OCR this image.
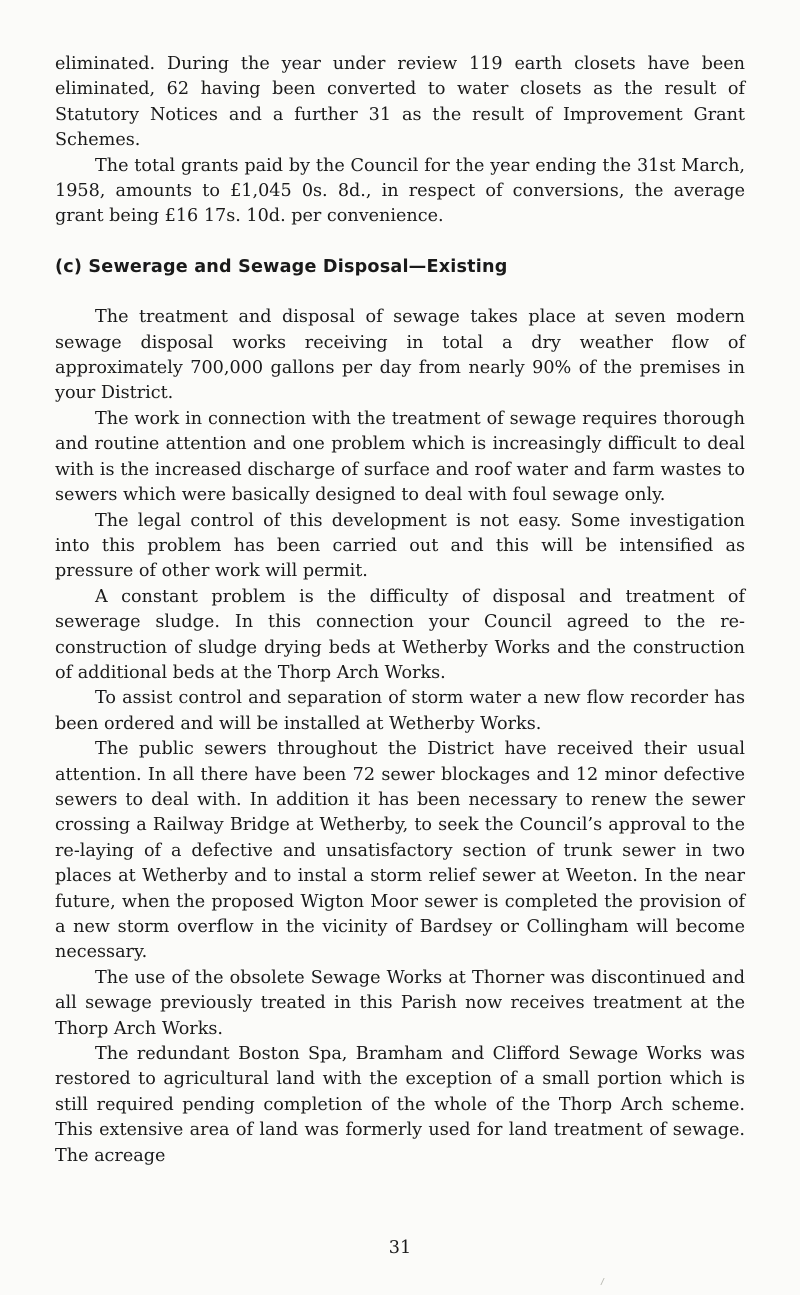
eliminated. During the year under review 119 earth closets have been eliminated, 62 having been converted to water closets as the result of Statutory Notices and a further 31 as the result of Improvement Grant Schemes.

The total grants paid by the Council for the year ending the 31st March, 1958, amounts to £1,045 0s. 8d., in respect of conversions, the average grant being £16 17s. 10d. per convenience.

(c) Sewerage and Sewage Disposal—Existing

The treatment and disposal of sewage takes place at seven modern sewage disposal works receiving in total a dry weather flow of approximately 700,000 gallons per day from nearly 90% of the premises in your District.

The work in connection with the treatment of sewage requires thorough and routine attention and one problem which is increasingly difficult to deal with is the increased discharge of surface and roof water and farm wastes to sewers which were basically designed to deal with foul sewage only.

The legal control of this development is not easy. Some investigation into this problem has been carried out and this will be intensified as pressure of other work will permit.

A constant problem is the difficulty of disposal and treatment of sewerage sludge. In this connection your Council agreed to the re-construction of sludge drying beds at Wetherby Works and the construction of additional beds at the Thorp Arch Works.

To assist control and separation of storm water a new flow recorder has been ordered and will be installed at Wetherby Works.

The public sewers throughout the District have received their usual attention. In all there have been 72 sewer blockages and 12 minor defective sewers to deal with. In addition it has been necessary to renew the sewer crossing a Railway Bridge at Wetherby, to seek the Council’s approval to the re-laying of a defective and unsatisfactory section of trunk sewer in two places at Wetherby and to instal a storm relief sewer at Weeton. In the near future, when the proposed Wigton Moor sewer is completed the provision of a new storm overflow in the vicinity of Bardsey or Collingham will become necessary.

The use of the obsolete Sewage Works at Thorner was discontinued and all sewage previously treated in this Parish now receives treatment at the Thorp Arch Works.

The redundant Boston Spa, Bramham and Clifford Sewage Works was restored to agricultural land with the exception of a small portion which is still required pending completion of the whole of the Thorp Arch scheme. This extensive area of land was formerly used for land treatment of sewage. The acreage

31
